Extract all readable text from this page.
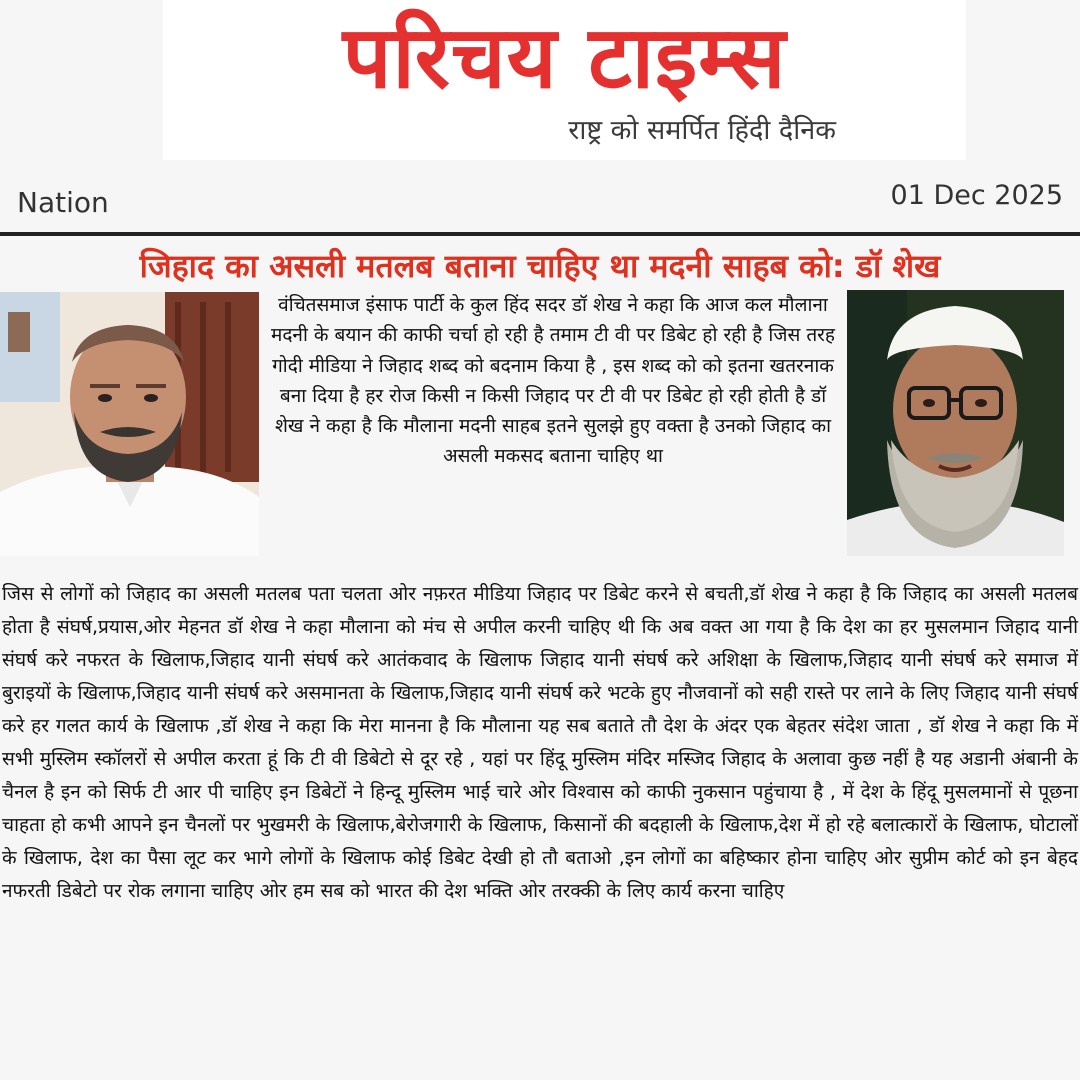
परिचय टाइम्स
राष्ट्र को समर्पित हिंदी दैनिक
Nation	01 Dec 2025
जिहाद का असली मतलब बताना चाहिए था मदनी साहब को: डॉ शेख
वंचितसमाज इंसाफ पार्टी के कुल हिंद सदर डॉ शेख ने कहा कि आज कल मौलाना मदनी के बयान की काफी चर्चा हो रही है तमाम टी वी पर डिबेट हो रही है जिस तरह गोदी मीडिया ने जिहाद शब्द को बदनाम किया है , इस शब्द को को इतना खतरनाक बना दिया है हर रोज किसी न किसी जिहाद पर टी वी पर डिबेट हो रही होती है डॉ शेख ने कहा है कि मौलाना मदनी साहब इतने सुलझे हुए वक्ता है उनको जिहाद का असली मकसद बताना चाहिए था
जिस से लोगों को जिहाद का असली मतलब पता चलता ओर नफ़रत मीडिया जिहाद पर डिबेट करने से बचती,डॉ शेख ने कहा है कि जिहाद का असली मतलब होता है संघर्ष,प्रयास,ओर मेहनत डॉ शेख ने कहा मौलाना को मंच से अपील करनी चाहिए थी कि अब वक्त आ गया है कि देश का हर मुसलमान जिहाद यानी संघर्ष करे नफरत के खिलाफ,जिहाद यानी संघर्ष करे आतंकवाद के खिलाफ जिहाद यानी संघर्ष करे अशिक्षा के खिलाफ,जिहाद यानी संघर्ष करे समाज में बुराइयों के खिलाफ,जिहाद यानी संघर्ष करे असमानता के खिलाफ,जिहाद यानी संघर्ष करे भटके हुए नौजवानों को सही रास्ते पर लाने के लिए जिहाद यानी संघर्ष करे हर गलत कार्य के खिलाफ ,डॉ शेख ने कहा कि मेरा मानना है कि मौलाना यह सब बताते तौ देश के अंदर एक बेहतर संदेश जाता , डॉ शेख ने कहा कि में सभी मुस्लिम स्कॉलरों से अपील करता हूं कि टी वी डिबेटो से दूर रहे , यहां पर हिंदू मुस्लिम मंदिर मस्जिद जिहाद के अलावा कुछ नहीं है यह अडानी अंबानी के चैनल है इन को सिर्फ टी आर पी चाहिए इन डिबेटों ने हिन्दू मुस्लिम भाई चारे ओर विश्वास को काफी नुकसान पहुंचाया है , में देश के हिंदू मुसलमानों से पूछना चाहता हो कभी आपने इन चैनलों पर भुखमरी के खिलाफ,बेरोजगारी के खिलाफ, किसानों की बदहाली के खिलाफ,देश में हो रहे बलात्कारों के खिलाफ, घोटालों के खिलाफ, देश का पैसा लूट कर भागे लोगों के खिलाफ कोई डिबेट देखी हो तौ बताओ ,इन लोगों का बहिष्कार होना चाहिए ओर सुप्रीम कोर्ट को इन बेहद नफरती डिबेटो पर रोक लगाना चाहिए ओर हम सब को भारत की देश भक्ति ओर तरक्की के लिए कार्य करना चाहिए
